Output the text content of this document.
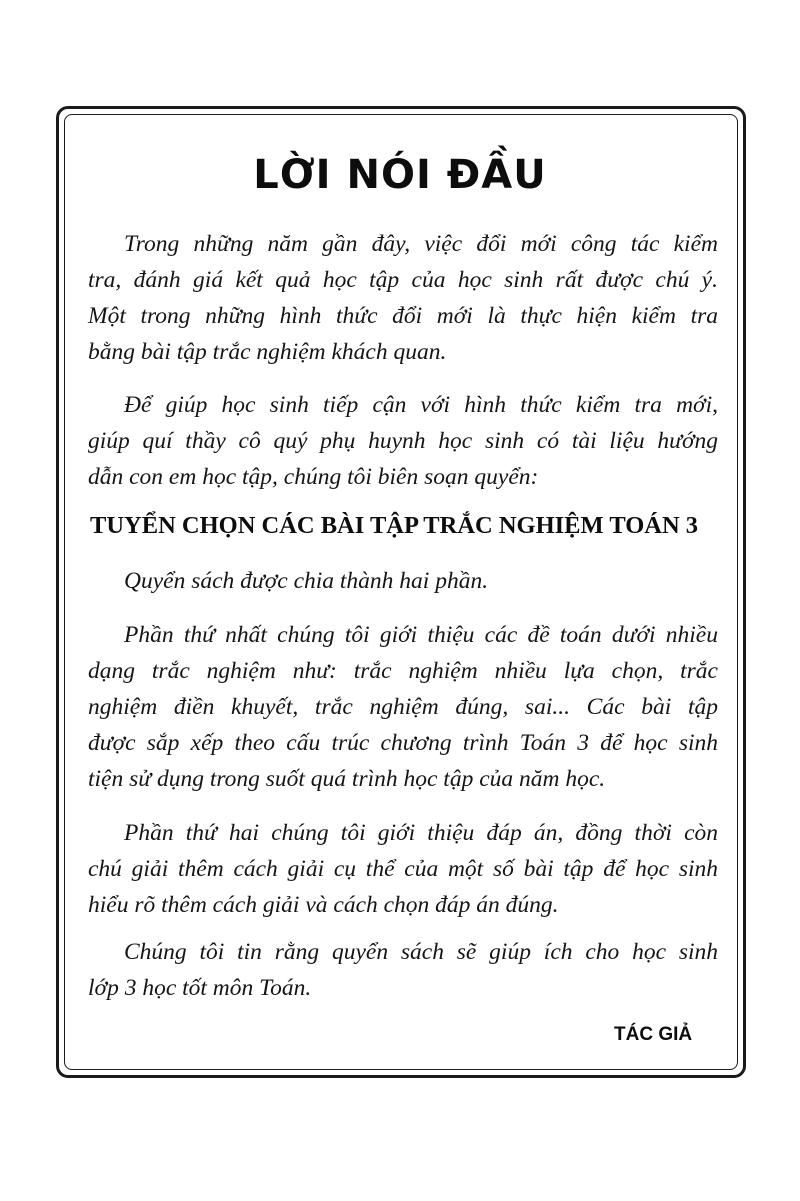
LỜI NÓI ĐẦU

Trong những năm gần đây, việc đổi mới công tác kiểm
tra, đánh giá kết quả học tập của học sinh rất được chú ý.
Một trong những hình thức đổi mới là thực hiện kiểm tra
bằng bài tập trắc nghiệm khách quan.

Để giúp học sinh tiếp cận với hình thức kiểm tra mới,
giúp quí thầy cô quý phụ huynh học sinh có tài liệu hướng
dẫn con em học tập, chúng tôi biên soạn quyển:

TUYỂN CHỌN CÁC BÀI TẬP TRẮC NGHIỆM TOÁN 3

Quyển sách được chia thành hai phần.

Phần thứ nhất chúng tôi giới thiệu các đề toán dưới nhiều
dạng trắc nghiệm như: trắc nghiệm nhiều lựa chọn, trắc
nghiệm điền khuyết, trắc nghiệm đúng, sai... Các bài tập
được sắp xếp theo cấu trúc chương trình Toán 3 để học sinh
tiện sử dụng trong suốt quá trình học tập của năm học.

Phần thứ hai chúng tôi giới thiệu đáp án, đồng thời còn
chú giải thêm cách giải cụ thể của một số bài tập để học sinh
hiểu rõ thêm cách giải và cách chọn đáp án đúng.

Chúng tôi tin rằng quyển sách sẽ giúp ích cho học sinh
lớp 3 học tốt môn Toán.

TÁC GIẢ
